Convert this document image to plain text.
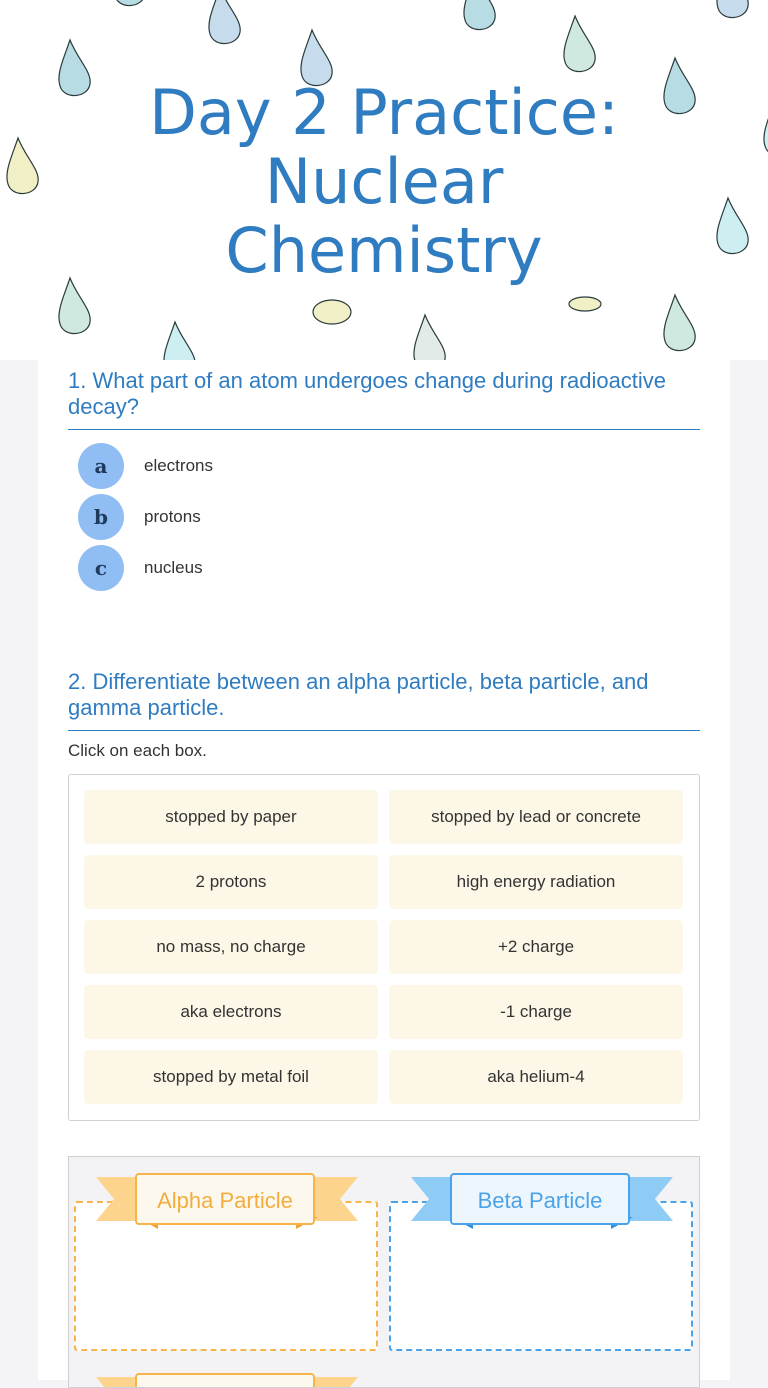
Day 2 Practice:
Nuclear
Chemistry
1. What part of an atom undergoes change during radioactive decay?
a	electrons
b	protons
c	nucleus
2. Differentiate between an alpha particle, beta particle, and gamma particle.

Click on each box.

stopped by paper	stopped by lead or concrete
2 protons	high energy radiation
no mass, no charge	+2 charge
aka electrons	-1 charge
stopped by metal foil	aka helium-4
Alpha Particle	Beta Particle
